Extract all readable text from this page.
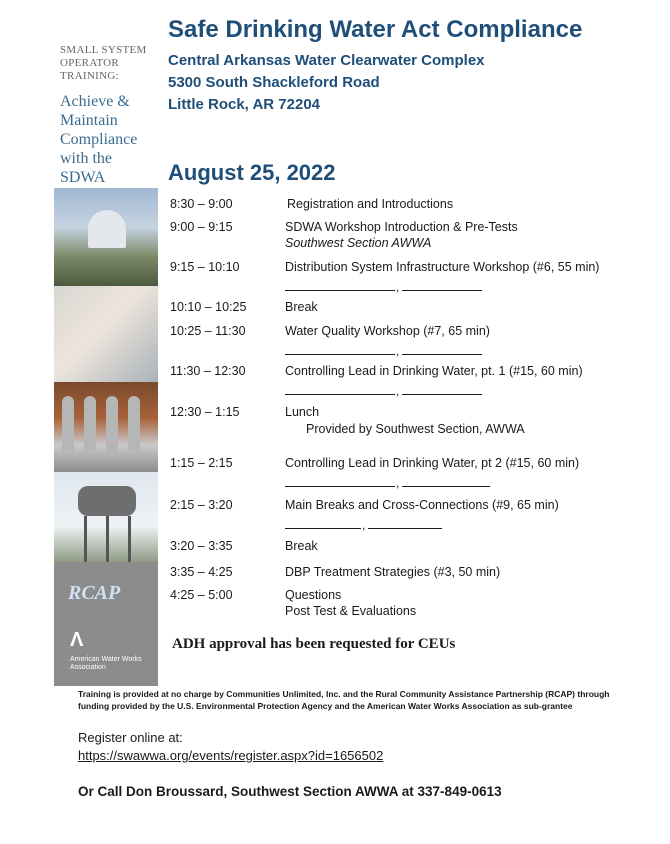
SMALL SYSTEM OPERATOR TRAINING:
Achieve & Maintain Compliance with the SDWA
RCAP
Λ
American Water Works Association
Safe Drinking Water Act Compliance
Central Arkansas Water Clearwater Complex
5300 South Shackleford Road
Little Rock, AR 72204
August 25, 2022
8:30 – 9:00	Registration and Introductions
9:00 – 9:15	SDWA Workshop Introduction & Pre-Tests
Southwest Section AWWA
9:15 – 10:10	Distribution System Infrastructure Workshop (#6, 55 min)
,
10:10 – 10:25	Break
10:25 – 11:30	Water Quality Workshop (#7, 65 min)
,
11:30 – 12:30	Controlling Lead in Drinking Water, pt. 1 (#15, 60 min)
,
12:30 – 1:15	Lunch
Provided by Southwest Section, AWWA
1:15 – 2:15	Controlling Lead in Drinking Water, pt 2 (#15, 60 min)
,
2:15 – 3:20	Main Breaks and Cross-Connections (#9, 65 min)
,
3:20 – 3:35	Break
3:35 – 4:25	DBP Treatment Strategies (#3, 50 min)
4:25 – 5:00	Questions
Post Test & Evaluations
ADH approval has been requested for CEUs
Training is provided at no charge by Communities Unlimited, Inc. and the Rural Community Assistance Partnership (RCAP) through funding provided by the U.S. Environmental Protection Agency and the American Water Works Association as sub-grantee
Register online at:
https://swawwa.org/events/register.aspx?id=1656502
Or Call Don Broussard, Southwest Section AWWA at 337-849-0613
